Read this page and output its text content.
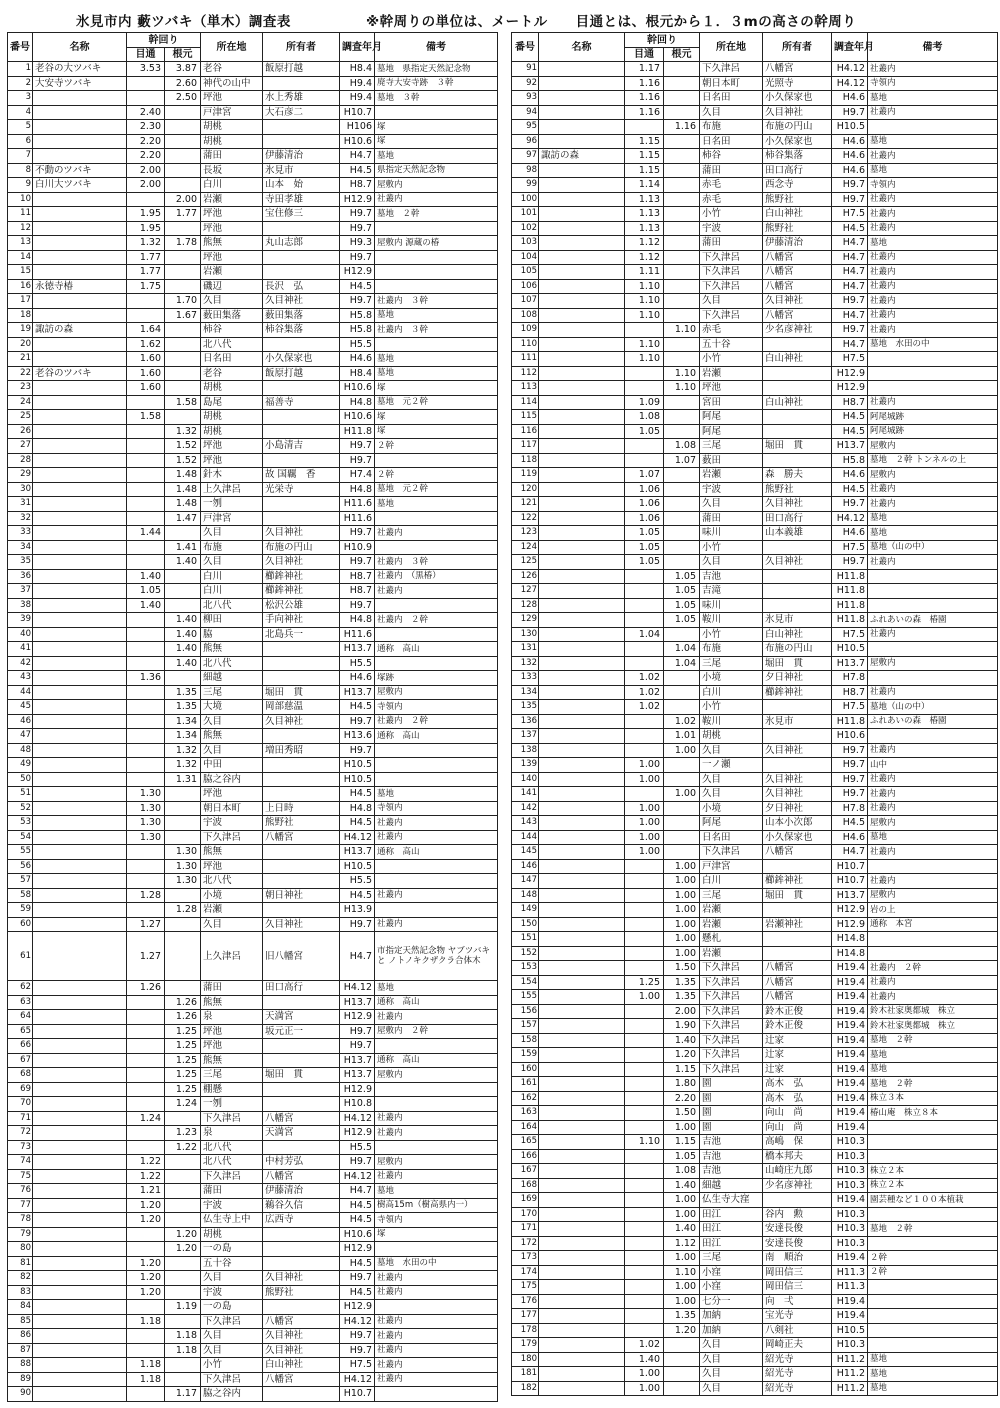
氷見市内 藪ツバキ（単木）調査表	※幹周りの単位は、メートル　　目通とは、根元から１．３mの高さの幹周り
番号	名称	幹回り		所在地	所有者	調査年月	備考
		目通	根元				
1	老谷の大ツバキ	3.53	3.87	老谷	飯原打越	H8.4	墓地　県指定天然記念物
2	大安寺ツバキ		2.60	神代の山中		H9.4	廃寺大安寺跡　３幹
3			2.50	坪池	水上秀雄	H9.4	墓地　３幹
4		2.40		戸津宮	大石彦二	H10.7	
5		2.30		胡桃		H106	塚
6		2.20		胡桃		H10.6	塚
7		2.20		蒲田	伊藤清治	H4.7	墓地
8	不動のツバキ	2.00		長坂	氷見市	H4.5	県指定天然記念物
9	白川大ツバキ	2.00		白川	山本　始	H8.7	屋敷内
10			2.00	岩瀬	寺田孝雄	H12.9	社叢内
11		1.95	1.77	坪池	宝住修三	H9.7	墓地　２幹
12		1.95		坪池		H9.7	
13		1.32	1.78	熊無	丸山志郎	H9.3	屋敷内 源蔵の椿
14		1.77		坪池		H9.7	
15		1.77		岩瀬		H12.9	
16	永徳寺椿	1.75		磯辺	長沢　弘	H4.5	
17			1.70	久目	久目神社	H9.7	社叢内　３幹
18			1.67	薮田集落	薮田集落	H5.8	墓地
19	諏訪の森	1.64		柿谷	柿谷集落	H5.8	社叢内　３幹
20		1.62		北八代		H5.5	
21		1.60		日名田	小久保家也	H4.6	墓地
22	老谷のツバキ	1.60		老谷	飯原打越	H8.4	墓地
23		1.60		胡桃		H10.6	塚
24			1.58	島尾	福善寺	H4.8	墓地　元２幹
25		1.58		胡桃		H10.6	塚
26			1.32	胡桃		H11.8	塚
27			1.52	坪池	小島清吉	H9.7	２幹
28			1.52	坪池		H9.7	
29			1.48	針木	故 国覊　香	H7.4	２幹
30			1.48	上久津呂	光栄寺	H4.8	墓地　元２幹
31			1.48	一刎		H11.6	墓地
32			1.47	戸津宮		H11.6	
33		1.44		久目	久目神社	H9.7	社叢内
34			1.41	布施	布施の円山	H10.9	
35			1.40	久目	久目神社	H9.7	社叢内　３幹
36		1.40		白川	櫛鉾神社	H8.7	社叢内　（黒椿）
37		1.05		白川	櫛鉾神社	H8.7	社叢内
38		1.40		北八代	松沢公雄	H9.7	
39			1.40	柳田	手向神社	H4.8	社叢内　２幹
40			1.40	脇	北島兵一	H11.6	
41			1.40	熊無		H13.7	通称　高山
42			1.40	北八代		H5.5	
43		1.36		細越		H4.6	塚跡
44			1.35	三尾	堀田　貫	H13.7	屋敷内
45			1.35	大境	岡部慈温	H4.5	寺領内
46			1.34	久目	久目神社	H9.7	社叢内　２幹
47			1.34	熊無		H13.6	通称　高山
48			1.32	久目	増田秀昭	H9.7	
49			1.32	中田		H10.5	
50			1.31	脇之谷内		H10.5	
51		1.30		坪池		H4.5	墓地
52		1.30		朝日本町	上日時	H4.8	寺領内
53		1.30		宇波	熊野社	H4.5	社叢内
54		1.30		下久津呂	八幡宮	H4.12	社叢内
55			1.30	熊無		H13.7	通称　高山
56			1.30	坪池		H10.5	
57			1.30	北八代		H5.5	
58		1.28		小境	朝日神社	H4.5	社叢内
59			1.28	岩瀬		H13.9	
60		1.27		久目	久目神社	H9.7	社叢内
61		1.27		上久津呂	旧八幡宮	H4.7	市指定天然記念物 ヤブツバキと ノトノキクザクラ合体木
62		1.26		蒲田	田口高行	H4.12	墓地
63			1.26	熊無		H13.7	通称　高山
64			1.26	泉	天満宮	H12.9	社叢内
65			1.25	坪池	坂元正一	H9.7	屋敷内　２幹
66			1.25	坪池		H9.7	
67			1.25	熊無		H13.7	通称　高山
68			1.25	三尾	堀田　貫	H13.7	屋敷内
69			1.25	棚懸		H12.9	
70			1.24	一刎		H10.8	
71		1.24		下久津呂	八幡宮	H4.12	社叢内
72			1.23	泉	天満宮	H12.9	社叢内
73			1.22	北八代		H5.5	
74		1.22		北八代	中村芳弘	H9.7	屋敷内
75		1.22		下久津呂	八幡宮	H4.12	社叢内
76		1.21		蒲田	伊藤清治	H4.7	墓地
77		1.20		宇波	鵜谷久信	H4.5	樹高15m（樹高県内一）
78		1.20		仏生寺上中	広西寺	H4.5	寺領内
79			1.20	胡桃		H10.6	塚
80			1.20	一の島		H12.9	
81		1.20		五十谷		H4.5	墓地　水田の中
82		1.20		久目	久目神社	H9.7	社叢内
83		1.20		宇波	熊野社	H4.5	社叢内
84			1.19	一の島		H12.9	
85		1.18		下久津呂	八幡宮	H4.12	社叢内
86			1.18	久目	久目神社	H9.7	社叢内
87			1.18	久目	久目神社	H9.7	社叢内
88		1.18		小竹	白山神社	H7.5	社叢内
89		1.18		下久津呂	八幡宮	H4.12	社叢内
90			1.17	脇之谷内		H10.7	
番号	名称	幹回り		所在地	所有者	調査年月	備考
		目通	根元				
91		1.17		下久津呂	八幡宮	H4.12	社叢内
92		1.16		朝日本町	光照寺	H4.12	寺領内
93		1.16		日名田	小久保家也	H4.6	墓地
94		1.16		久目	久目神社	H9.7	社叢内
95			1.16	布施	布施の円山	H10.5	
96		1.15		日名田	小久保家也	H4.6	墓地
97	諏訪の森	1.15		柿谷	柿谷集落	H4.6	社叢内
98		1.15		蒲田	田口高行	H4.6	墓地
99		1.14		赤毛	西念寺	H9.7	寺領内
100		1.13		赤毛	熊野社	H9.7	社叢内
101		1.13		小竹	白山神社	H7.5	社叢内
102		1.13		宇波	熊野社	H4.5	社叢内
103		1.12		蒲田	伊藤清治	H4.7	墓地
104		1.12		下久津呂	八幡宮	H4.7	社叢内
105		1.11		下久津呂	八幡宮	H4.7	社叢内
106		1.10		下久津呂	八幡宮	H4.7	社叢内
107		1.10		久目	久目神社	H9.7	社叢内
108		1.10		下久津呂	八幡宮	H4.7	社叢内
109			1.10	赤毛	少名彦神社	H9.7	社叢内
110		1.10		五十谷		H4.7	墓地　水田の中
111		1.10		小竹	白山神社	H7.5	
112			1.10	岩瀬		H12.9	
113			1.10	坪池		H12.9	
114		1.09		宮田	白山神社	H8.7	社叢内
115		1.08		阿尾		H4.5	阿尾城跡
116		1.05		阿尾		H4.5	阿尾城跡
117			1.08	三尾	堀田　貫	H13.7	屋敷内
118			1.07	薮田		H5.8	墓地　２幹 トンネルの上
119		1.07		岩瀬	森　勝夫	H4.6	屋敷内
120		1.06		宇波	熊野社	H4.5	社叢内
121		1.06		久目	久目神社	H9.7	社叢内
122		1.06		蒲田	田口高行	H4.12	墓地
123		1.05		味川	山本義雄	H4.6	墓地
124		1.05		小竹		H7.5	墓地（山の中）
125		1.05		久目	久目神社	H9.7	社叢内
126			1.05	吉池		H11.8	
127			1.05	吉滝		H11.8	
128			1.05	味川		H11.8	
129			1.05	鞍川	氷見市	H11.8	ふれあいの森　椿園
130		1.04		小竹	白山神社	H7.5	社叢内
131			1.04	布施	布施の円山	H10.5	
132			1.04	三尾	堀田　貫	H13.7	屋敷内
133		1.02		小境	夕日神社	H7.8	
134		1.02		白川	櫛鉾神社	H8.7	社叢内
135		1.02		小竹		H7.5	墓地（山の中）
136			1.02	鞍川	氷見市	H11.8	ふれあいの森　椿園
137			1.01	胡桃		H10.6	
138			1.00	久目	久目神社	H9.7	社叢内
139		1.00		一ノ瀬		H9.7	山中
140		1.00		久目	久目神社	H9.7	社叢内
141			1.00	久目	久目神社	H9.7	社叢内
142		1.00		小境	夕日神社	H7.8	社叢内
143		1.00		阿尾	山本小次郎	H4.5	屋敷内
144		1.00		日名田	小久保家也	H4.6	墓地
145		1.00		下久津呂	八幡宮	H4.7	社叢内
146			1.00	戸津宮		H10.7	
147			1.00	白川	櫛鉾神社	H10.7	社叢内
148			1.00	三尾	堀田　貫	H13.7	屋敷内
149			1.00	岩瀬		H12.9	岩の上
150			1.00	岩瀬	岩瀬神社	H12.9	通称　本宮
151			1.00	懸札		H14.8	
152			1.00	岩瀬		H14.8	
153			1.50	下久津呂	八幡宮	H19.4	社叢内　２幹
154		1.25	1.35	下久津呂	八幡宮	H19.4	社叢内
155		1.00	1.35	下久津呂	八幡宮	H19.4	社叢内
156			2.00	下久津呂	鈴木正俊	H19.4	鈴木社家奥都城　株立
157			1.90	下久津呂	鈴木正俊	H19.4	鈴木社家奥都城　株立
158			1.40	下久津呂	辻家	H19.4	墓地　２幹
159			1.20	下久津呂	辻家	H19.4	墓地
160			1.15	下久津呂	辻家	H19.4	墓地
161			1.80	園	高木　弘	H19.4	墓地　２幹
162			2.20	園	高木　弘	H19.4	株立３本
163			1.50	園	向山　尚	H19.4	椿山庵　株立８本
164			1.00	園	向山　尚	H19.4	
165		1.10	1.15	吉池	高嶋　保	H10.3	
166			1.05	吉池	橋本邦夫	H10.3	
167			1.08	吉池	山崎庄九郎	H10.3	株立２本
168			1.40	細越	少名彦神社	H10.3	株立２本
169			1.00	仏生寺大窪		H19.4	園芸種など１００本植栽
170			1.00	田江	谷内　勲	H10.3	
171			1.40	田江	安達長俊	H10.3	墓地　２幹
172			1.12	田江	安達長俊	H10.3	
173			1.00	三尾	南　順治	H19.4	２幹
174			1.10	小窪	岡田信三	H11.3	２幹
175			1.00	小窪	岡田信三	H11.3	
176			1.00	七分一	向　弌	H19.4	
177			1.35	加納	宝光寺	H19.4	
178			1.20	加納	八剣社	H10.5	
179		1.02		久目	岡崎正夫	H10.3	
180		1.40		久目	紹光寺	H11.2	墓地
181		1.00		久目	紹光寺	H11.2	墓地
182		1.00		久目	紹光寺	H11.2	墓地
